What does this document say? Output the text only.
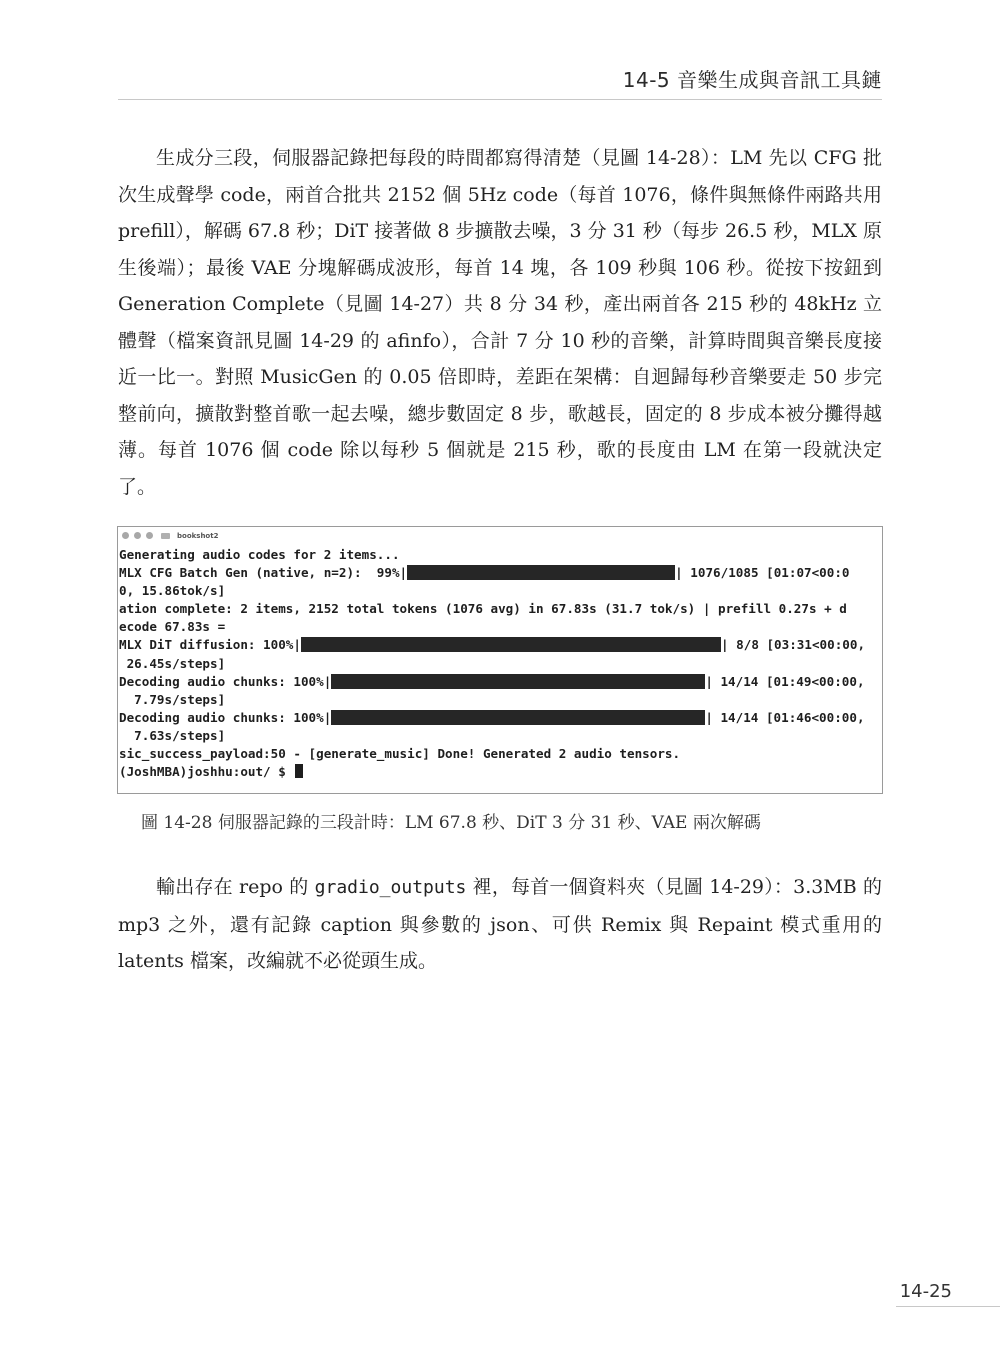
14-5 音樂生成與音訊工具鏈

生成分三段，伺服器記錄把每段的時間都寫得清楚（見圖 14-28）：LM 先以 CFG 批次生成聲學 code，兩首合批共 2152 個 5Hz code（每首 1076，條件與無條件兩路共用 prefill），解碼 67.8 秒；DiT 接著做 8 步擴散去噪，3 分 31 秒（每步 26.5 秒，MLX 原生後端）；最後 VAE 分塊解碼成波形，每首 14 塊，各 109 秒與 106 秒。從按下按鈕到 Generation Complete（見圖 14-27）共 8 分 34 秒，產出兩首各 215 秒的 48kHz 立體聲（檔案資訊見圖 14-29 的 afinfo），合計 7 分 10 秒的音樂，計算時間與音樂長度接近一比一。對照 MusicGen 的 0.05 倍即時，差距在架構：自迴歸每秒音樂要走 50 步完整前向，擴散對整首歌一起去噪，總步數固定 8 步，歌越長，固定的 8 步成本被分攤得越薄。每首 1076 個 code 除以每秒 5 個就是 215 秒，歌的長度由 LM 在第一段就決定了。

bookshot2
Generating audio codes for 2 items...
MLX CFG Batch Gen (native, n=2):  99%|	| 1076/1085 [01:07<00:0
0, 15.86tok/s]
ation complete: 2 items, 2152 total tokens (1076 avg) in 67.83s (31.7 tok/s) | prefill 0.27s + d
ecode 67.83s =
MLX DiT diffusion: 100%|	| 8/8 [03:31<00:00,
26.45s/steps]
Decoding audio chunks: 100%|	| 14/14 [01:49<00:00,
7.79s/steps]
Decoding audio chunks: 100%|	| 14/14 [01:46<00:00,
7.63s/steps]
sic_success_payload:50 - [generate_music] Done! Generated 2 audio tensors.
(JoshMBA)joshhu:out/ $
圖 14-28 伺服器記錄的三段計時：LM 67.8 秒、DiT 3 分 31 秒、VAE 兩次解碼

輸出存在 repo 的 gradio_outputs 裡，每首一個資料夾（見圖 14-29）：3.3MB 的 mp3 之外，還有記錄 caption 與參數的 json、可供 Remix 與 Repaint 模式重用的 latents 檔案，改編就不必從頭生成。

14-25
